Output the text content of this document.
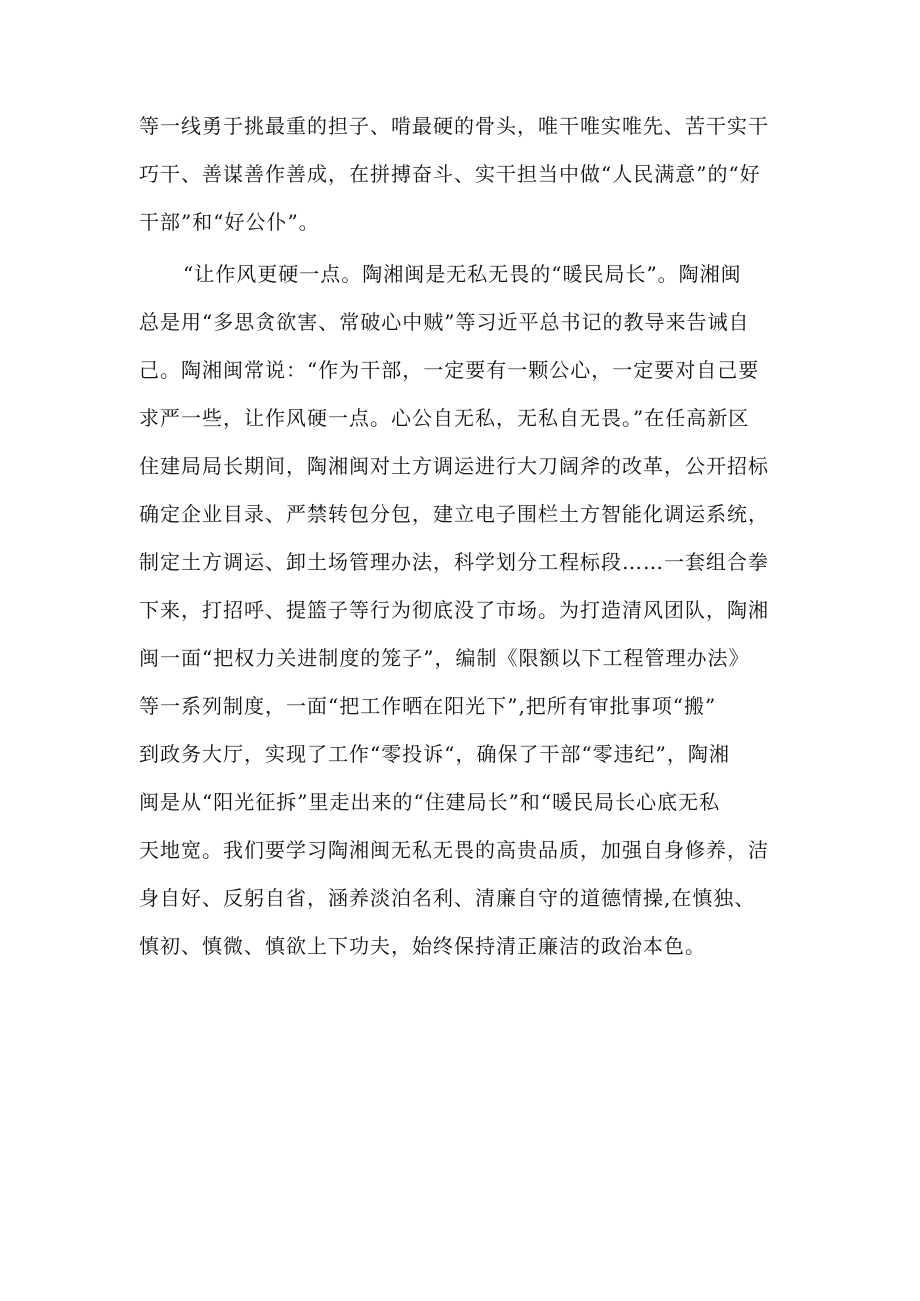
等一线勇于挑最重的担子、啃最硬的骨头，唯干唯实唯先、苦干实干
巧干、善谋善作善成，在拼搏奋斗、实干担当中做“人民满意”的“好
干部”和“好公仆”。
“让作风更硬一点。陶湘闽是无私无畏的“暖民局长”。陶湘闽
总是用“多思贪欲害、常破心中贼”等习近平总书记的教导来告诫自
己。陶湘闽常说：“作为干部，一定要有一颗公心，一定要对自己要
求严一些，让作风硬一点。心公自无私，无私自无畏。”在任高新区
住建局局长期间，陶湘闽对土方调运进行大刀阔斧的改革，公开招标
确定企业目录、严禁转包分包，建立电子围栏土方智能化调运系统，
制定土方调运、卸土场管理办法，科学划分工程标段……一套组合拳
下来，打招呼、提篮子等行为彻底没了市场。为打造清风团队，陶湘
闽一面“把权力关进制度的笼子”，编制《限额以下工程管理办法》
等一系列制度，一面“把工作晒在阳光下”,把所有审批事项“搬”
到政务大厅，实现了工作“零投诉“，确保了干部“零违纪”，陶湘
闽是从“阳光征拆”里走出来的“住建局长”和“暖民局长心底无私
天地宽。我们要学习陶湘闽无私无畏的高贵品质，加强自身修养，洁
身自好、反躬自省，涵养淡泊名利、清廉自守的道德情操,在慎独、
慎初、慎微、慎欲上下功夫，始终保持清正廉洁的政治本色。
